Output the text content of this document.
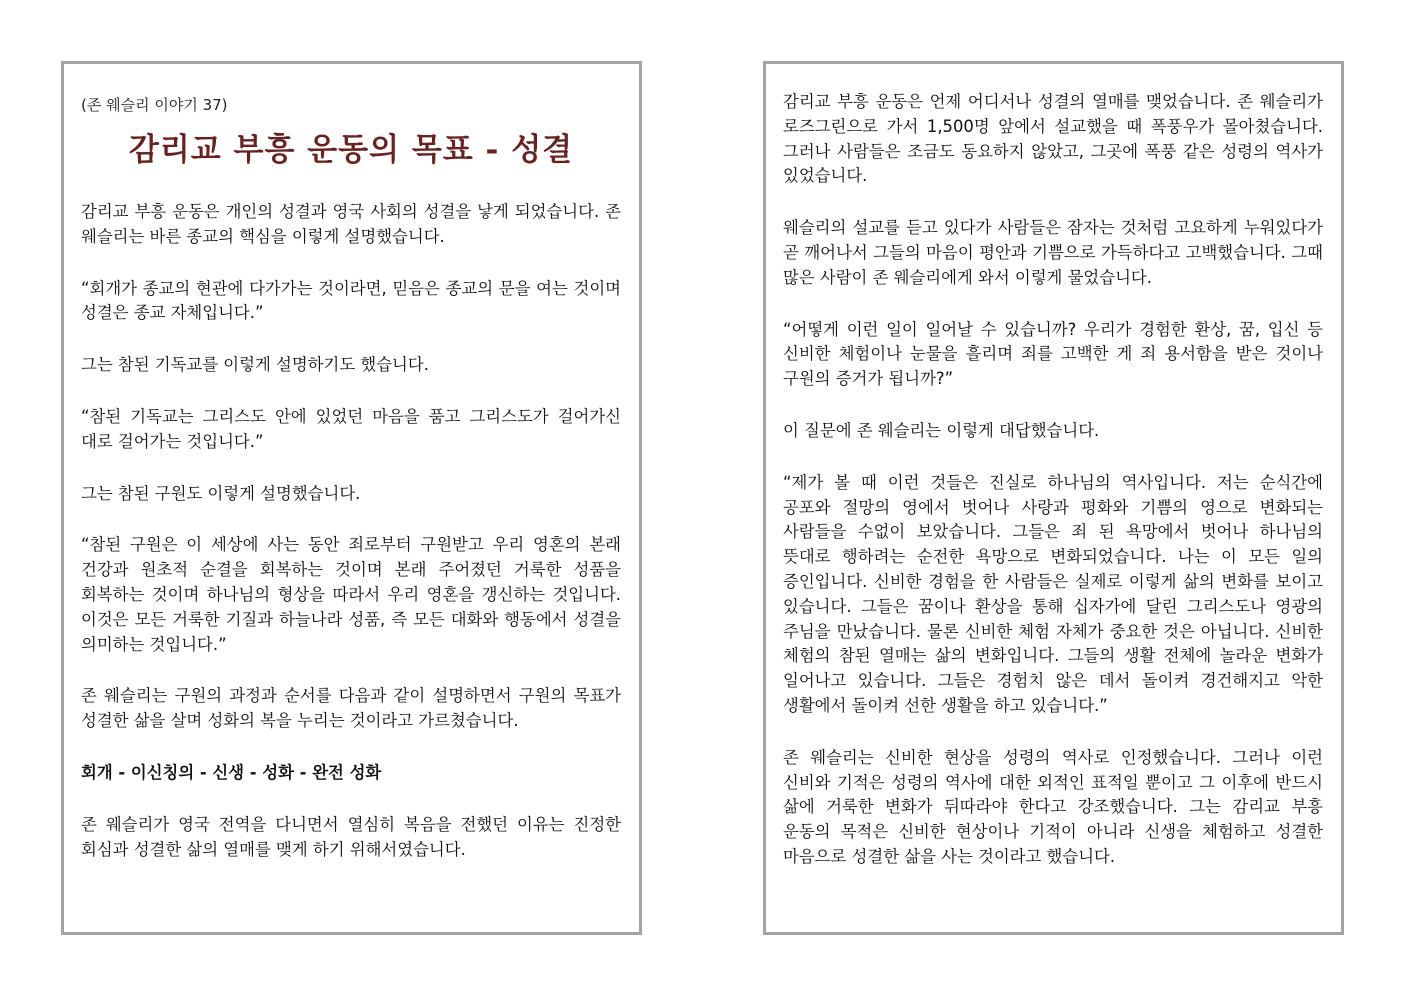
(존 웨슬리 이야기 37)

감리교 부흥 운동의 목표 - 성결

감리교 부흥 운동은 개인의 성결과 영국 사회의 성결을 낳게 되었습니다. 존 웨슬리는 바른 종교의 핵심을 이렇게 설명했습니다.

“회개가 종교의 현관에 다가가는 것이라면, 믿음은 종교의 문을 여는 것이며 성결은 종교 자체입니다.”

그는 참된 기독교를 이렇게 설명하기도 했습니다.

“참된 기독교는 그리스도 안에 있었던 마음을 품고 그리스도가 걸어가신 대로 걸어가는 것입니다.”

그는 참된 구원도 이렇게 설명했습니다.

“참된 구원은 이 세상에 사는 동안 죄로부터 구원받고 우리 영혼의 본래 건강과 원초적 순결을 회복하는 것이며 본래 주어졌던 거룩한 성품을 회복하는 것이며 하나님의 형상을 따라서 우리 영혼을 갱신하는 것입니다. 이것은 모든 거룩한 기질과 하늘나라 성품, 즉 모든 대화와 행동에서 성결을 의미하는 것입니다.”

존 웨슬리는 구원의 과정과 순서를 다음과 같이 설명하면서 구원의 목표가 성결한 삶을 살며 성화의 복을 누리는 것이라고 가르쳤습니다.

회개 - 이신칭의 - 신생 - 성화 - 완전 성화

존 웨슬리가 영국 전역을 다니면서 열심히 복음을 전했던 이유는 진정한 회심과 성결한 삶의 열매를 맺게 하기 위해서였습니다.

감리교 부흥 운동은 언제 어디서나 성결의 열매를 맺었습니다. 존 웨슬리가 로즈그린으로 가서 1,500명 앞에서 설교했을 때 폭풍우가 몰아쳤습니다. 그러나 사람들은 조금도 동요하지 않았고, 그곳에 폭풍 같은 성령의 역사가 있었습니다.

웨슬리의 설교를 듣고 있다가 사람들은 잠자는 것처럼 고요하게 누워있다가 곧 깨어나서 그들의 마음이 평안과 기쁨으로 가득하다고 고백했습니다. 그때 많은 사람이 존 웨슬리에게 와서 이렇게 물었습니다.

“어떻게 이런 일이 일어날 수 있습니까? 우리가 경험한 환상, 꿈, 입신 등 신비한 체험이나 눈물을 흘리며 죄를 고백한 게 죄 용서함을 받은 것이나 구원의 증거가 됩니까?”

이 질문에 존 웨슬리는 이렇게 대답했습니다.

“제가 볼 때 이런 것들은 진실로 하나님의 역사입니다. 저는 순식간에 공포와 절망의 영에서 벗어나 사랑과 평화와 기쁨의 영으로 변화되는 사람들을 수없이 보았습니다. 그들은 죄 된 욕망에서 벗어나 하나님의 뜻대로 행하려는 순전한 욕망으로 변화되었습니다. 나는 이 모든 일의 증인입니다. 신비한 경험을 한 사람들은 실제로 이렇게 삶의 변화를 보이고 있습니다. 그들은 꿈이나 환상을 통해 십자가에 달린 그리스도나 영광의 주님을 만났습니다. 물론 신비한 체험 자체가 중요한 것은 아닙니다. 신비한 체험의 참된 열매는 삶의 변화입니다. 그들의 생활 전체에 놀라운 변화가 일어나고 있습니다. 그들은 경험치 않은 데서 돌이켜 경건해지고 악한 생활에서 돌이켜 선한 생활을 하고 있습니다.”

존 웨슬리는 신비한 현상을 성령의 역사로 인정했습니다. 그러나 이런 신비와 기적은 성령의 역사에 대한 외적인 표적일 뿐이고 그 이후에 반드시 삶에 거룩한 변화가 뒤따라야 한다고 강조했습니다. 그는 감리교 부흥 운동의 목적은 신비한 현상이나 기적이 아니라 신생을 체험하고 성결한 마음으로 성결한 삶을 사는 것이라고 했습니다.
